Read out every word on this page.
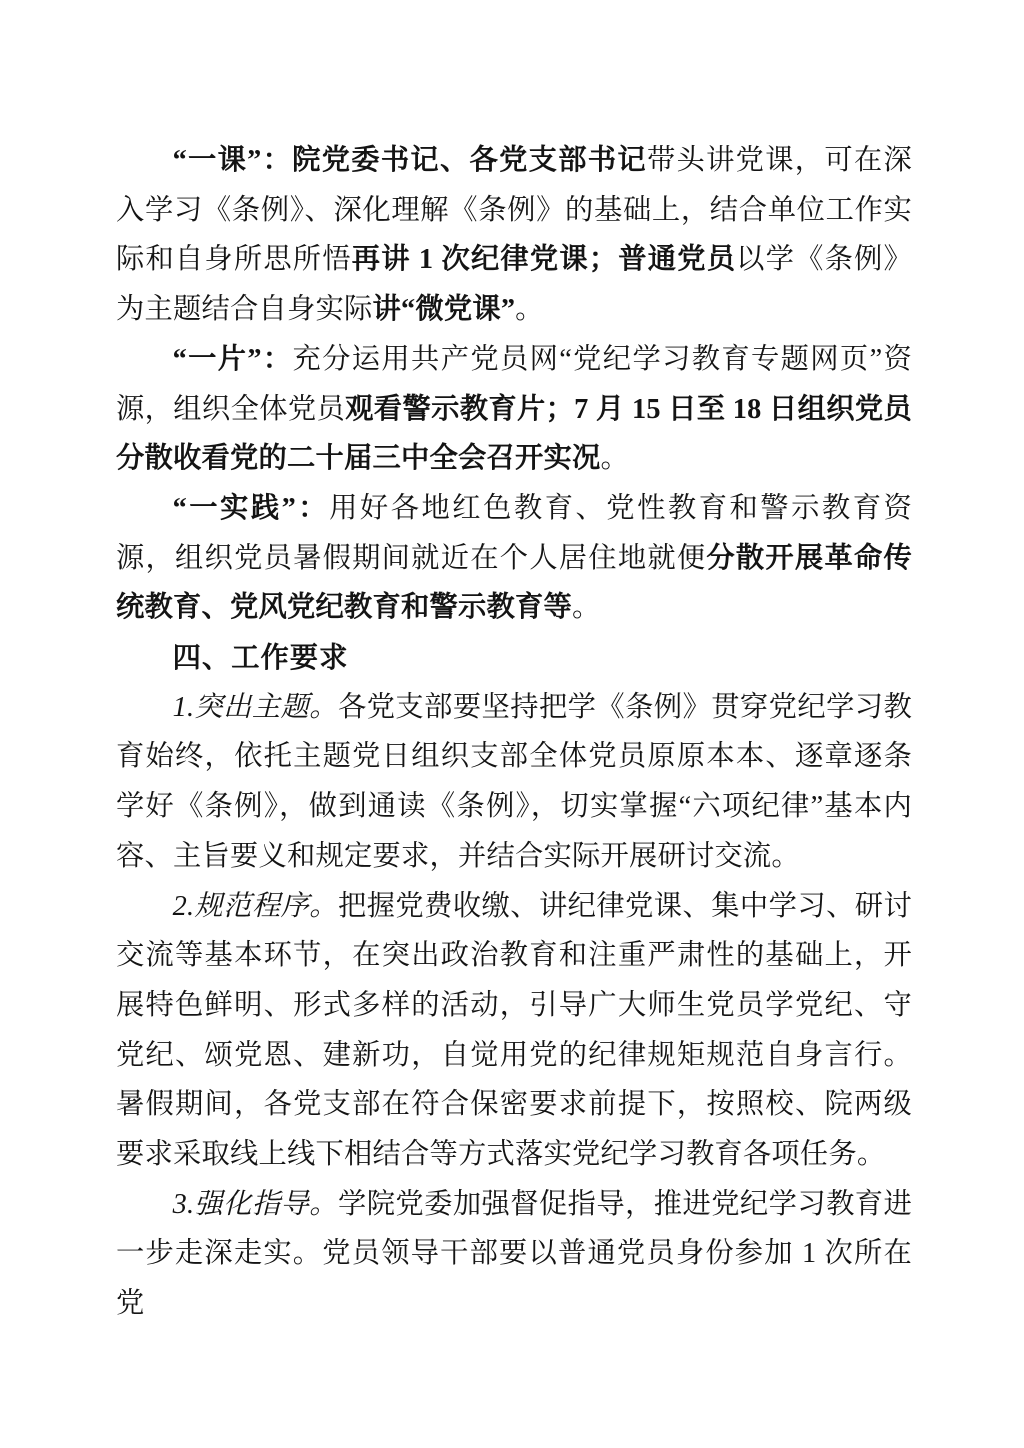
“一课”：院党委书记、各党支部书记带头讲党课，可在深入学习《条例》、深化理解《条例》的基础上，结合单位工作实际和自身所思所悟再讲 1 次纪律党课；普通党员以学《条例》为主题结合自身实际讲“微党课”。

“一片”：充分运用共产党员网“党纪学习教育专题网页”资源，组织全体党员观看警示教育片；7 月 15 日至 18 日组织党员分散收看党的二十届三中全会召开实况。

“一实践”：用好各地红色教育、党性教育和警示教育资源，组织党员暑假期间就近在个人居住地就便分散开展革命传统教育、党风党纪教育和警示教育等。

四、工作要求

1.突出主题。各党支部要坚持把学《条例》贯穿党纪学习教育始终，依托主题党日组织支部全体党员原原本本、逐章逐条学好《条例》，做到通读《条例》，切实掌握“六项纪律”基本内容、主旨要义和规定要求，并结合实际开展研讨交流。

2.规范程序。把握党费收缴、讲纪律党课、集中学习、研讨交流等基本环节，在突出政治教育和注重严肃性的基础上，开展特色鲜明、形式多样的活动，引导广大师生党员学党纪、守党纪、颂党恩、建新功，自觉用党的纪律规矩规范自身言行。暑假期间，各党支部在符合保密要求前提下，按照校、院两级要求采取线上线下相结合等方式落实党纪学习教育各项任务。

3.强化指导。学院党委加强督促指导，推进党纪学习教育进一步走深走实。党员领导干部要以普通党员身份参加 1 次所在党
